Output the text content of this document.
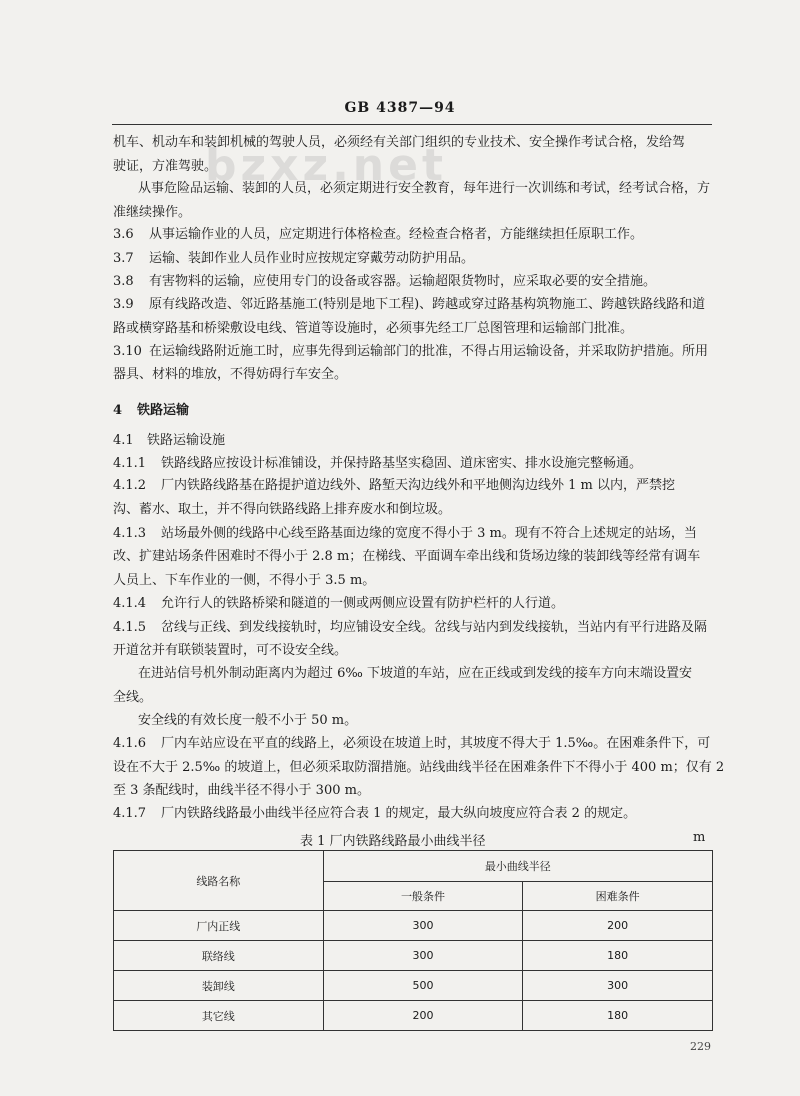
GB 4387—94
bzxz.net
机车、机动车和装卸机械的驾驶人员，必须经有关部门组织的专业技术、安全操作考试合格，发给驾
驶证，方准驾驶。
从事危险品运输、装卸的人员，必须定期进行安全教育，每年进行一次训练和考试，经考试合格，方
准继续操作。
3.6 从事运输作业的人员，应定期进行体格检查。经检查合格者，方能继续担任原职工作。
3.7 运输、装卸作业人员作业时应按规定穿戴劳动防护用品。
3.8 有害物料的运输，应使用专门的设备或容器。运输超限货物时，应采取必要的安全措施。
3.9 原有线路改造、邻近路基施工(特别是地下工程)、跨越或穿过路基构筑物施工、跨越铁路线路和道
路或横穿路基和桥梁敷设电线、管道等设施时，必须事先经工厂总图管理和运输部门批准。
3.10 在运输线路附近施工时，应事先得到运输部门的批准，不得占用运输设备，并采取防护措施。所用
器具、材料的堆放，不得妨碍行车安全。
4 铁路运输
4.1 铁路运输设施
4.1.1 铁路线路应按设计标准铺设，并保持路基坚实稳固、道床密实、排水设施完整畅通。
4.1.2 厂内铁路线路基在路提护道边线外、路堑天沟边线外和平地侧沟边线外 1 m 以内，严禁挖
沟、蓄水、取土，并不得向铁路线路上排弃废水和倒垃圾。
4.1.3 站场最外侧的线路中心线至路基面边缘的宽度不得小于 3 m。现有不符合上述规定的站场，当
改、扩建站场条件困难时不得小于 2.8 m；在梯线、平面调车牵出线和货场边缘的装卸线等经常有调车
人员上、下车作业的一侧，不得小于 3.5 m。
4.1.4 允许行人的铁路桥梁和隧道的一侧或两侧应设置有防护栏杆的人行道。
4.1.5 岔线与正线、到发线接轨时，均应铺设安全线。岔线与站内到发线接轨，当站内有平行进路及隔
开道岔并有联锁装置时，可不设安全线。
在进站信号机外制动距离内为超过 6‰ 下坡道的车站，应在正线或到发线的接车方向末端设置安
全线。
安全线的有效长度一般不小于 50 m。
4.1.6 厂内车站应设在平直的线路上，必须设在坡道上时，其坡度不得大于 1.5‰。在困难条件下，可
设在不大于 2.5‰ 的坡道上，但必须采取防溜措施。站线曲线半径在困难条件下不得小于 400 m；仅有 2
至 3 条配线时，曲线半径不得小于 300 m。
4.1.7 厂内铁路线路最小曲线半径应符合表 1 的规定，最大纵向坡度应符合表 2 的规定。
表 1 厂内铁路线路最小曲线半径	m
线路名称	最小曲线半径	
	一般条件	困难条件
厂内正线	300	200
联络线	300	180
装卸线	500	300
其它线	200	180
229
